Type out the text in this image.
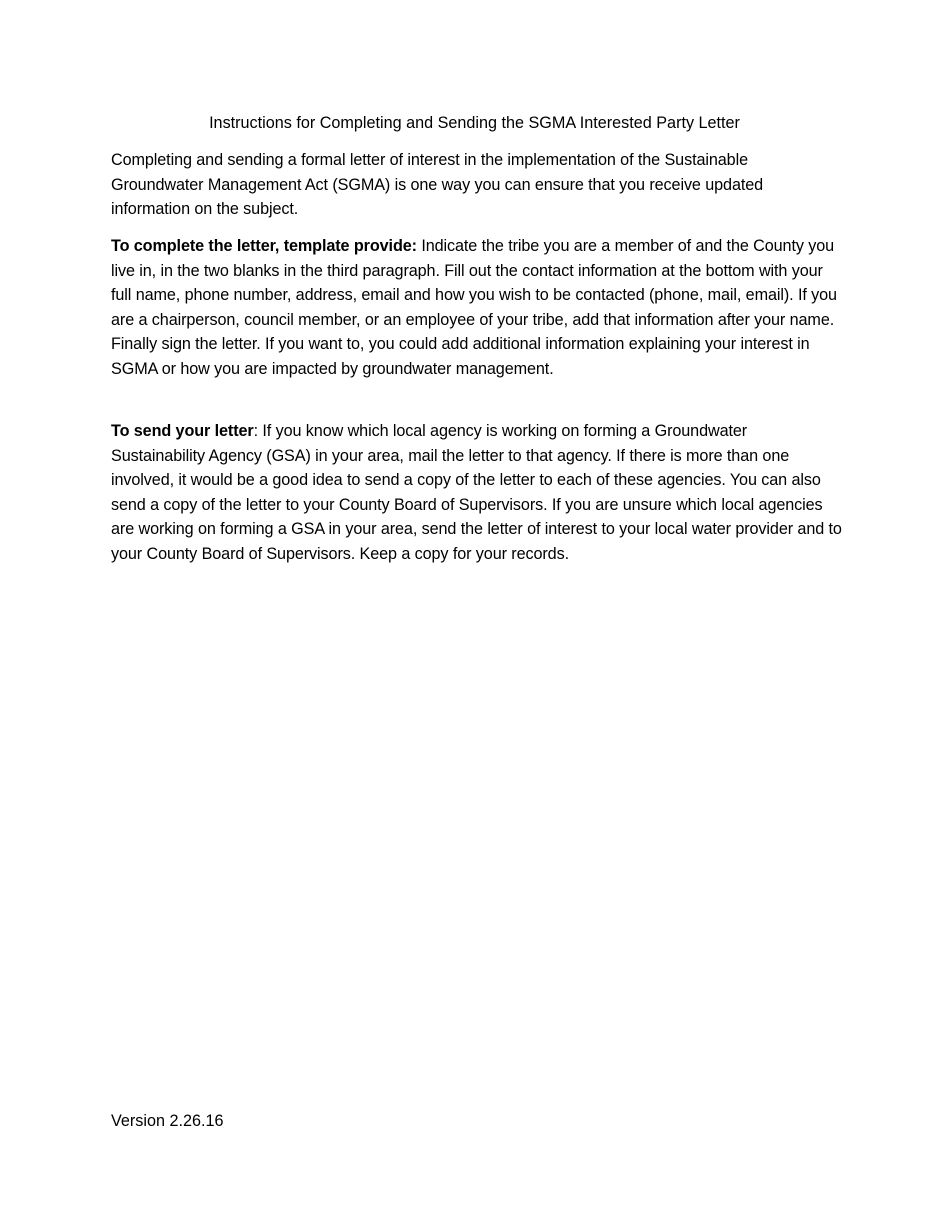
Instructions for Completing and Sending the SGMA Interested Party Letter

Completing and sending a formal letter of interest in the implementation of the Sustainable Groundwater Management Act (SGMA) is one way you can ensure that you receive updated information on the subject.

To complete the letter, template provide: Indicate the tribe you are a member of and the County you live in, in the two blanks in the third paragraph. Fill out the contact information at the bottom with your full name, phone number, address, email and how you wish to be contacted (phone, mail, email). If you are a chairperson, council member, or an employee of your tribe, add that information after your name. Finally sign the letter. If you want to, you could add additional information explaining your interest in SGMA or how you are impacted by groundwater management.

To send your letter: If you know which local agency is working on forming a Groundwater Sustainability Agency (GSA) in your area, mail the letter to that agency. If there is more than one involved, it would be a good idea to send a copy of the letter to each of these agencies. You can also send a copy of the letter to your County Board of Supervisors. If you are unsure which local agencies are working on forming a GSA in your area, send the letter of interest to your local water provider and to your County Board of Supervisors. Keep a copy for your records.

Version 2.26.16
